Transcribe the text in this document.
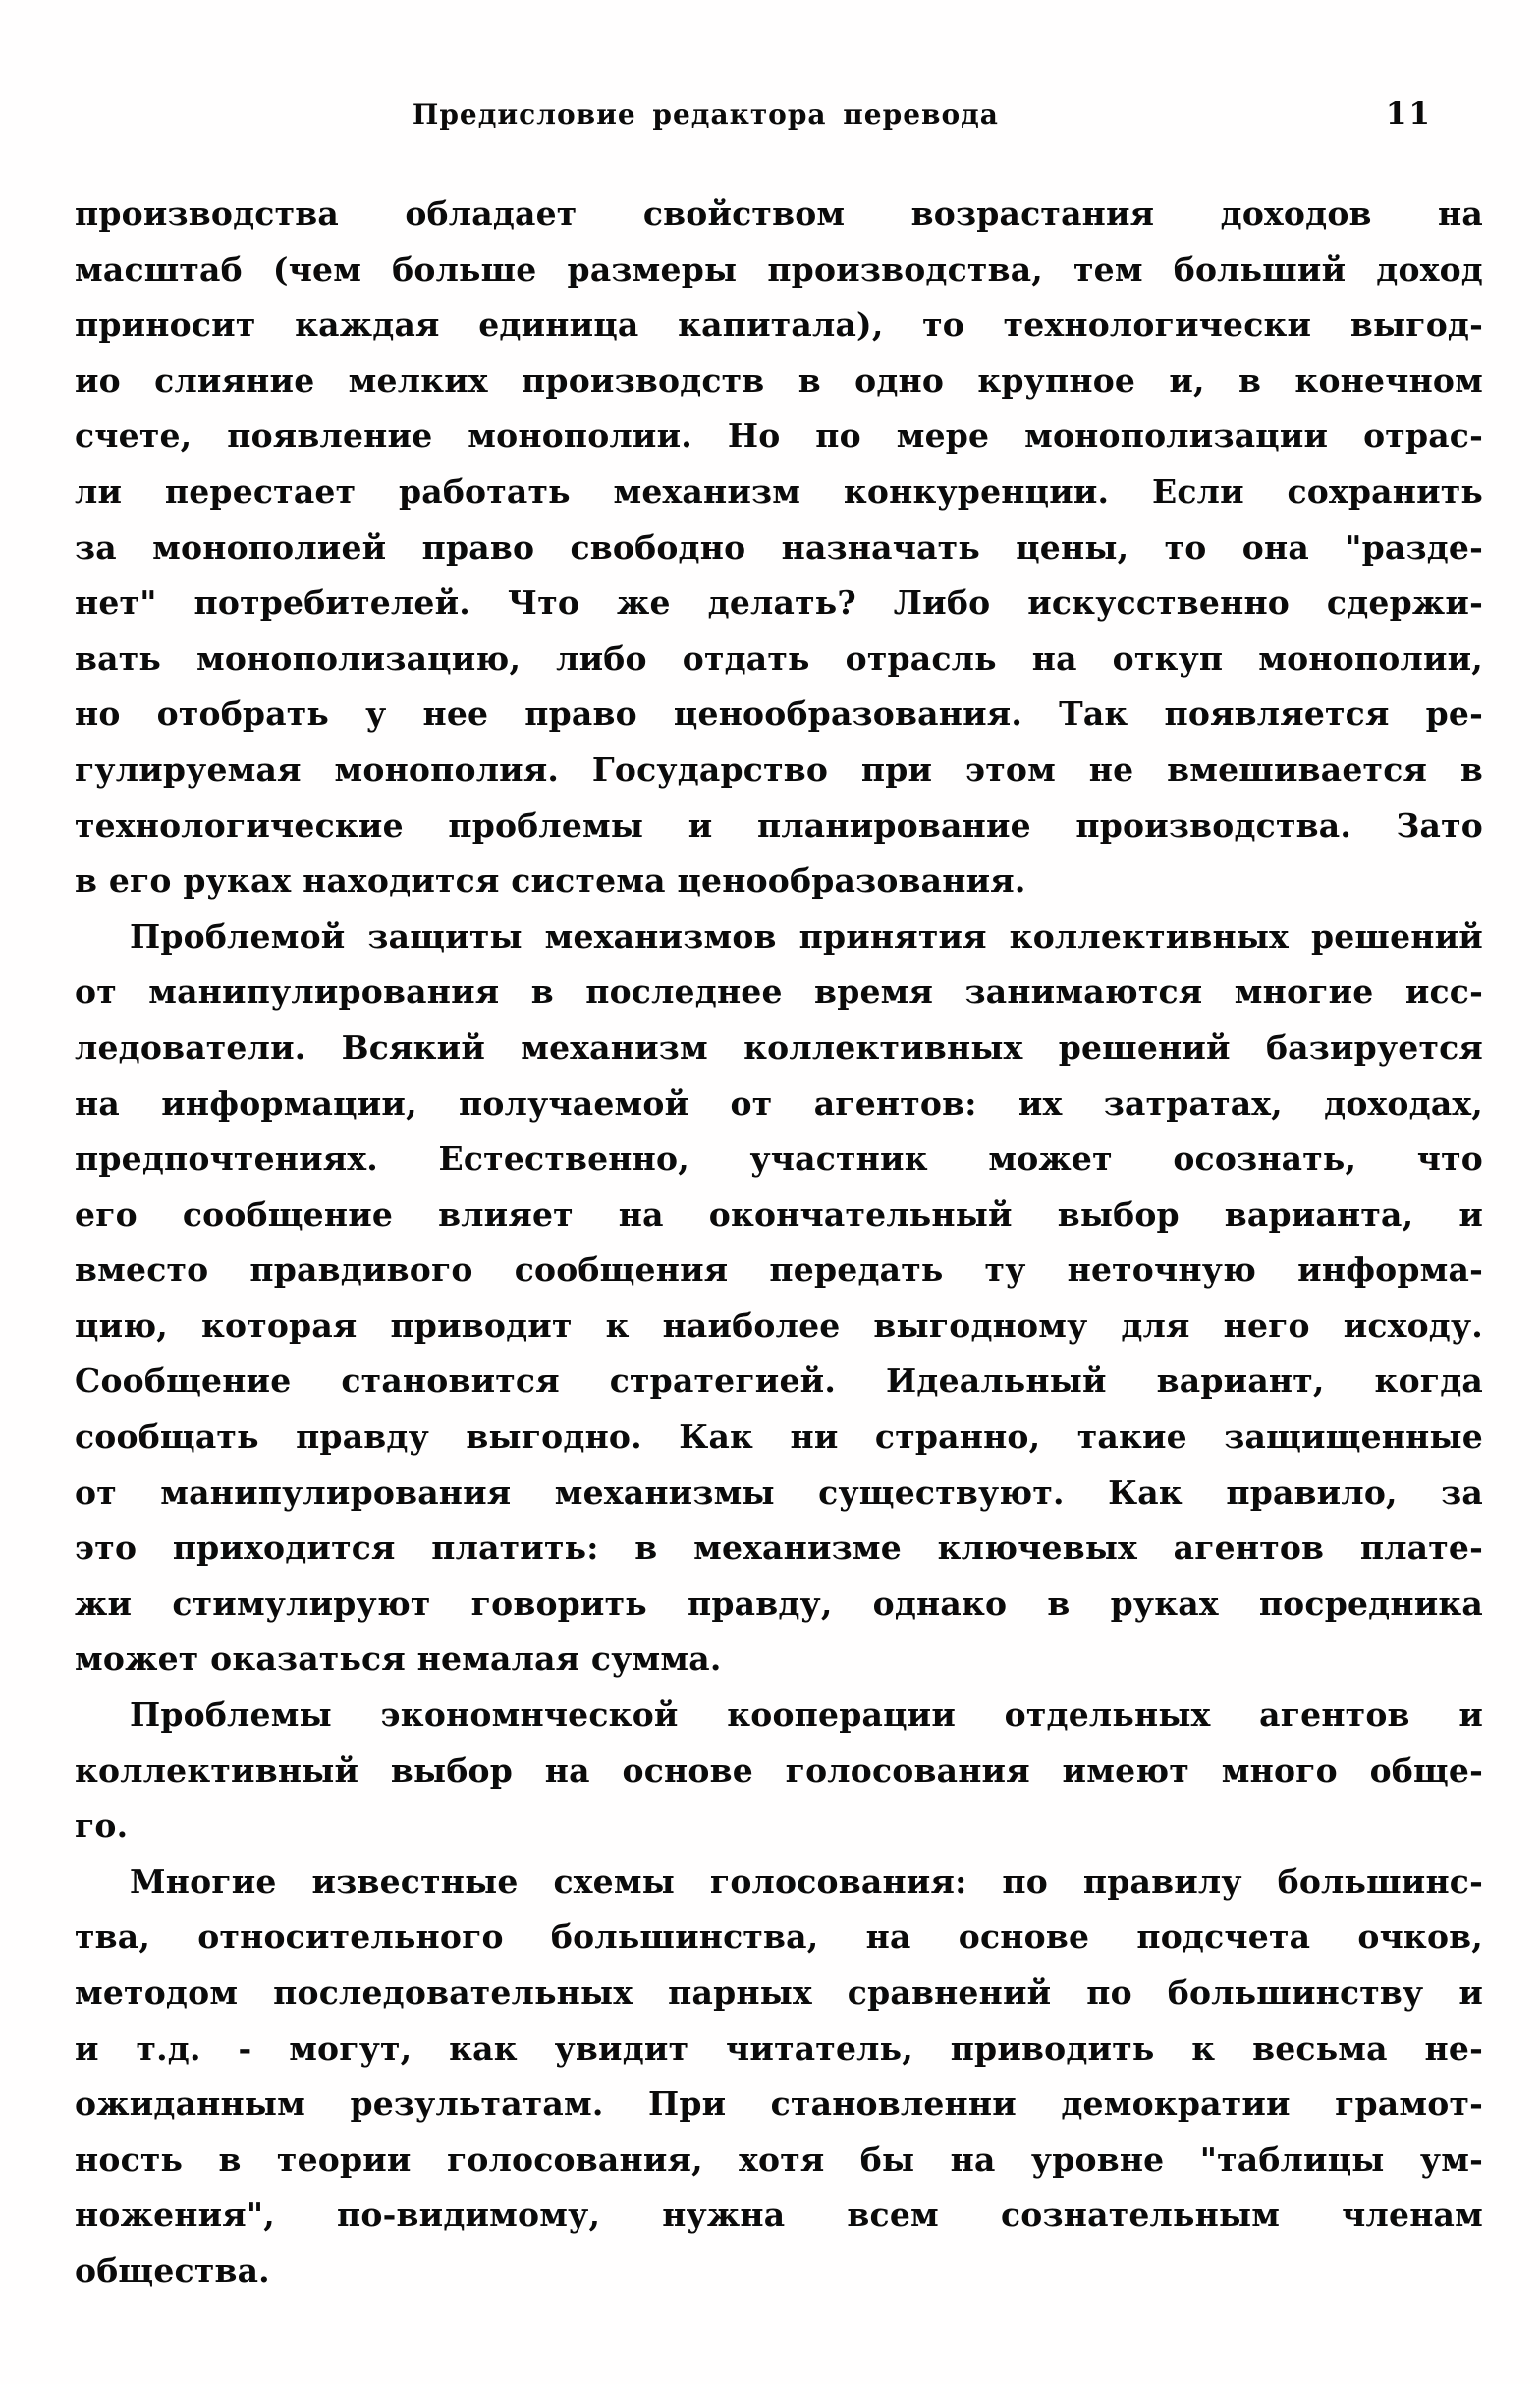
Предисловие редактора перевода	11
производства обладает свойством возрастания доходов на
масштаб (чем больше размеры производства, тем больший доход
приносит каждая единица капитала), то технологически выгод-
ио слияние мелких производств в одно крупное и, в конечном
счете, появление монополии. Но по мере монополизации отрас-
ли перестает работать механизм конкуренции. Если сохранить
за монополией право свободно назначать цены, то она "разде-
нет" потребителей. Что же делать? Либо искусственно сдержи-
вать монополизацию, либо отдать отрасль на откуп монополии,
но отобрать у нее право ценообразования. Так появляется ре-
гулируемая монополия. Государство при этом не вмешивается в
технологические проблемы и планирование производства. Зато
в его руках находится система ценообразования.
Проблемой защиты механизмов принятия коллективных решений
от манипулирования в последнее время занимаются многие исс-
ледователи. Всякий механизм коллективных решений базируется
на информации, получаемой от агентов: их затратах, доходах,
предпочтениях. Естественно, участник может осознать, что
его сообщение влияет на окончательный выбор варианта, и
вместо правдивого сообщения передать ту неточную информа-
цию, которая приводит к наиболее выгодному для него исходу.
Сообщение становится стратегией. Идеальный вариант, когда
сообщать правду выгодно. Как ни странно, такие защищенные
от манипулирования механизмы существуют. Как правило, за
это приходится платить: в механизме ключевых агентов плате-
жи стимулируют говорить правду, однако в руках посредника
может оказаться немалая сумма.
Проблемы экономнческой кооперации отдельных агентов и
коллективный выбор на основе голосования имеют много обще-
го.
Многие известные схемы голосования: по правилу большинс-
тва, относительного большинства, на основе подсчета очков,
методом последовательных парных сравнений по большинству и
и т.д. - могут, как увидит читатель, приводить к весьма не-
ожиданным результатам. При становленни демократии грамот-
ность в теории голосования, хотя бы на уровне "таблицы ум-
ножения", по-видимому, нужна всем сознательным членам
общества.
